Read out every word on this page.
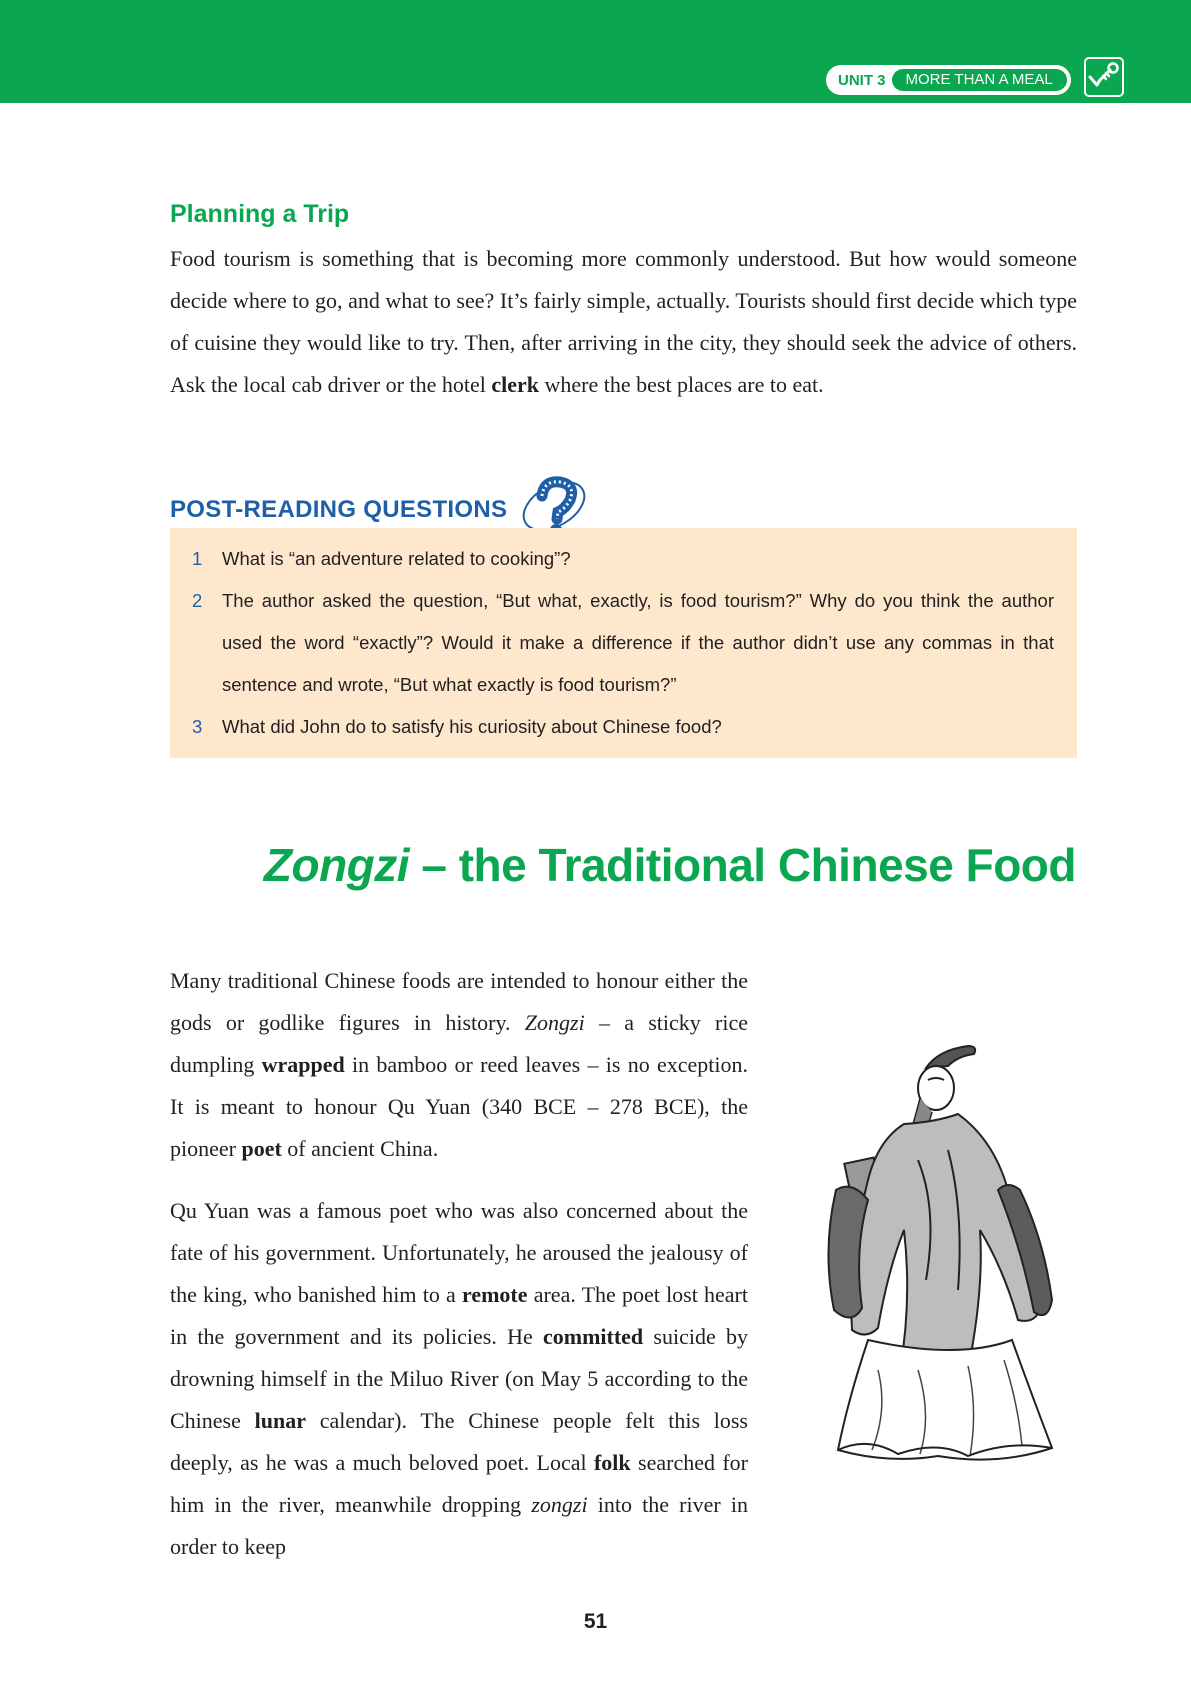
UNIT 3	MORE THAN A MEAL
Planning a Trip

Food tourism is something that is becoming more commonly understood. But how would someone decide where to go, and what to see? It’s fairly simple, actually. Tourists should first decide which type of cuisine they would like to try. Then, after arriving in the city, they should seek the advice of others. Ask the local cab driver or the hotel clerk where the best places are to eat.

POST-READING QUESTIONS
1 What is “an adventure related to cooking”?
2 The author asked the question, “But what, exactly, is food tourism?” Why do you think the author used the word “exactly”? Would it make a difference if the author didn’t use any commas in that sentence and wrote, “But what exactly is food tourism?”
3 What did John do to satisfy his curiosity about Chinese food?
Zongzi – the Traditional Chinese Food

Many traditional Chinese foods are intended to honour either the gods or godlike figures in history. Zongzi – a sticky rice dumpling wrapped in bamboo or reed leaves – is no exception. It is meant to honour Qu Yuan (340 BCE – 278 BCE), the pioneer poet of ancient China.

Qu Yuan was a famous poet who was also concerned about the fate of his government. Unfortunately, he aroused the jealousy of the king, who banished him to a remote area. The poet lost heart in the government and its policies. He committed suicide by drowning himself in the Miluo River (on May 5 according to the Chinese lunar calendar). The Chinese people felt this loss deeply, as he was a much beloved poet. Local folk searched for him in the river, meanwhile dropping zongzi into the river in order to keep

51
